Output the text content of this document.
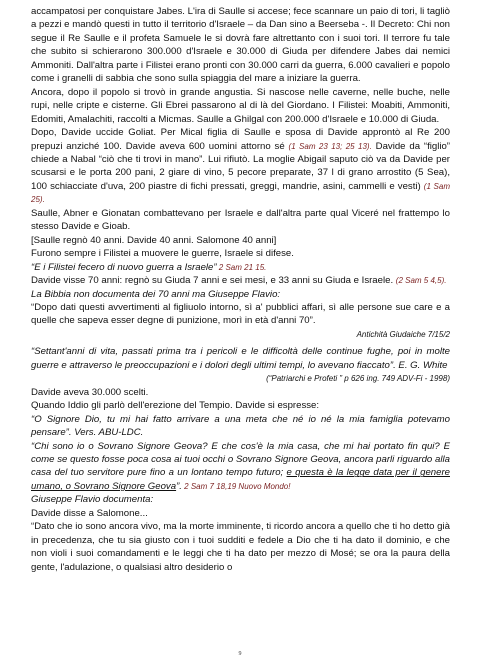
accampatosi per conquistare Jabes. L'ira di Saulle si accese; fece scannare un paio di tori, li tagliò a pezzi e mandò questi in tutto il territorio d'Israele – da Dan sino a Beerseba -. Il Decreto: Chi non segue il Re Saulle e il profeta Samuele le si dovrà fare altrettanto con i suoi tori. Il terrore fu tale che subito si schierarono 300.000 d'Israele e 30.000 di Giuda per difendere Jabes dai nemici Ammoniti. Dall'altra parte i Filistei erano pronti con 30.000 carri da guerra, 6.000 cavalieri e popolo come i granelli di sabbia che sono sulla spiaggia del mare a iniziare la guerra.

Ancora, dopo il popolo si trovò in grande angustia. Si nascose nelle caverne, nelle buche, nelle rupi, nelle cripte e cisterne. Gli Ebrei passarono al di là del Giordano. I Filistei: Moabiti, Ammoniti, Edomiti, Amalachiti, raccolti a Micmas. Saulle a Ghilgal con 200.000 d'Israele e 10.000 di Giuda.

Dopo, Davide uccide Goliat. Per Mical figlia di Saulle e sposa di Davide approntò al Re 200 prepuzi anziché 100. Davide aveva 600 uomini attorno sé (1 Sam 23 13; 25 13). Davide da “figlio” chiede a Nabal “ciò che ti trovi in mano”. Lui rifiutò. La moglie Abigail saputo ciò va da Davide per scusarsi e le porta 200 pani, 2 giare di vino, 5 pecore preparate, 37 l di grano arrostito (5 Sea), 100 schiacciate d'uva, 200 piastre di fichi pressati, greggi, mandrie, asini, cammelli e vesti) (1 Sam 25).

Saulle, Abner e Gionatan combattevano per Israele e dall'altra parte qual Viceré nel frattempo lo stesso Davide e Gioab.

[Saulle regnò 40 anni. Davide 40 anni. Salomone 40 anni]

Furono sempre i Filistei a muovere le guerre, Israele si difese.

“E i Filistei fecero di nuovo guerra a Israele” 2 Sam 21 15.

Davide visse 70 anni: regnò su Giuda 7 anni e sei mesi, e 33 anni su Giuda e Israele. (2 Sam 5 4,5).

La Bibbia non documenta dei 70 anni ma Giuseppe Flavio:

“Dopo dati questi avvertimenti al figliuolo intorno, sì a' pubblici affari, sì alle persone sue care e a quelle che sapeva esser degne di punizione, morì in età d'anni 70”.

Antichità Giudaiche 7/15/2

“Settant'anni di vita, passati prima tra i pericoli e le difficoltà delle continue fughe, poi in molte guerre e attraverso le preoccupazioni e i dolori degli ultimi tempi, lo avevano fiaccato”. E. G. White

(“Patriarchi e Profeti ” p 626 ing. 749 ADV-Fi - 1998)

Davide aveva 30.000 scelti.

Quando Iddio gli parlò dell'erezione del Tempio. Davide si espresse:

“O Signore Dio, tu mi hai fatto arrivare a una meta che né io né la mia famiglia potevamo pensare”. Vers. ABU-LDC.

“Chi sono io o Sovrano Signore Geova? E che cos'è la mia casa, che mi hai portato fin qui? E come se questo fosse poca cosa ai tuoi occhi o Sovrano Signore Geova, ancora parli riguardo alla casa del tuo servitore pure fino a un lontano tempo futuro; e questa è la legge data per il genere umano, o Sovrano Signore Geova”. 2 Sam 7 18,19 Nuovo Mondo!

Giuseppe Flavio documenta:

Davide disse a Salomone...

“Dato che io sono ancora vivo, ma la morte imminente, ti ricordo ancora a quello che ti ho detto già in precedenza, che tu sia giusto con i tuoi sudditi e fedele a Dio che ti ha dato il dominio, e che non violi i suoi comandamenti e le leggi che ti ha dato per mezzo di Mosé; se ora la paura della gente, l'adulazione, o qualsiasi altro desiderio o

9
